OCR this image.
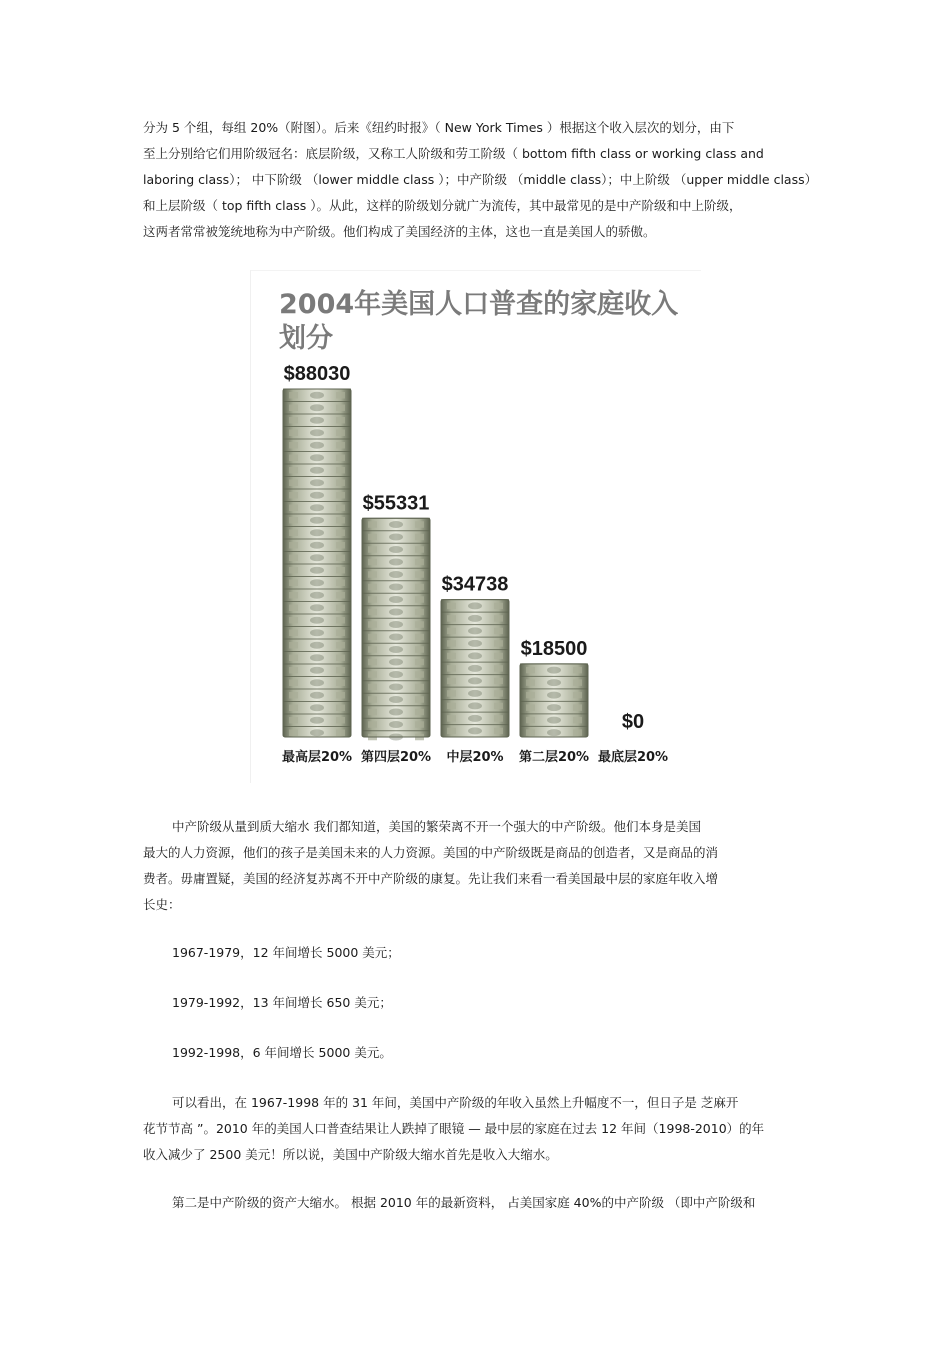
分为 5 个组，每组 20%（附图）。后来《纽约时报》（ New York Times ）根据这个收入层次的划分，由下

至上分别给它们用阶级冠名：底层阶级，又称工人阶级和劳工阶级（ bottom fifth class or working class and

laboring class）； 中下阶级 （lower middle class ）；中产阶级 （middle class）；中上阶级 （upper middle class）

和上层阶级（ top fifth class ）。从此，这样的阶级划分就广为流传，其中最常见的是中产阶级和中上阶级，

这两者常常被笼统地称为中产阶级。他们构成了美国经济的主体，这也一直是美国人的骄傲。

2004年美国人口普查的家庭收入
划分
$88030
$55331
$34738
$18500
$0
最高层20% 第四层20% 中层20% 第二层20% 最底层20%

中产阶级从量到质大缩水 我们都知道，美国的繁荣离不开一个强大的中产阶级。他们本身是美国

最大的人力资源，他们的孩子是美国未来的人力资源。美国的中产阶级既是商品的创造者，又是商品的消

费者。毋庸置疑，美国的经济复苏离不开中产阶级的康复。先让我们来看一看美国最中层的家庭年收入增

长史：

1967-1979，12 年间增长 5000 美元；

1979-1992，13 年间增长 650 美元；

1992-1998，6 年间增长 5000 美元。

可以看出，在 1967-1998 年的 31 年间，美国中产阶级的年收入虽然上升幅度不一，但日子是 芝麻开

花节节高 ”。2010 年的美国人口普查结果让人跌掉了眼镜 — 最中层的家庭在过去 12 年间（1998-2010）的年

收入减少了 2500 美元！所以说，美国中产阶级大缩水首先是收入大缩水。

第二是中产阶级的资产大缩水。 根据 2010 年的最新资料， 占美国家庭 40%的中产阶级 （即中产阶级和
